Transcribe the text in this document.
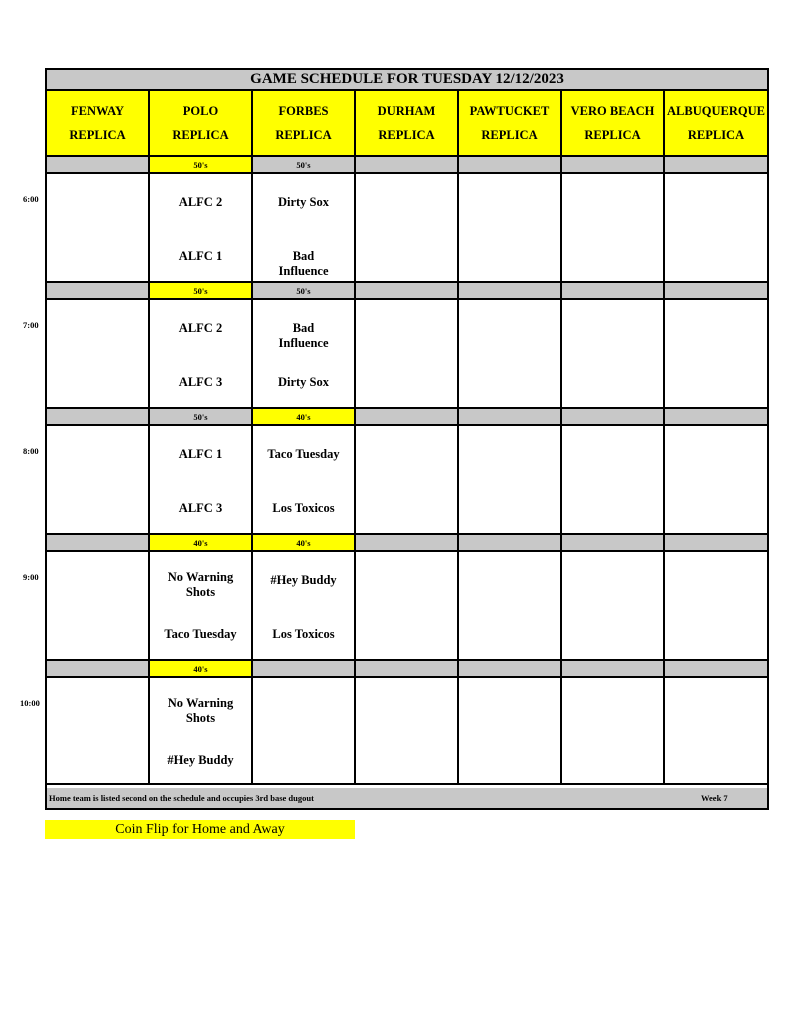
GAME SCHEDULE FOR TUESDAY 12/12/2023
Home team is listed second on the schedule and occupies 3rd base dugout	Week 7
FENWAY
REPLICA
POLO
REPLICA
FORBES
REPLICA
DURHAM
REPLICA
PAWTUCKET
REPLICA
VERO BEACH
REPLICA
ALBUQUERQUE
REPLICA
50's
ALFC 2
ALFC 1
50's
Dirty Sox
Bad Influence
50's
ALFC 2
ALFC 3
50's
Bad Influence
Dirty Sox
50's
ALFC 1
ALFC 3
40's
Taco Tuesday
Los Toxicos
40's
No Warning Shots
Taco Tuesday
40's
#Hey Buddy
Los Toxicos
40's
No Warning Shots
#Hey Buddy
6:00
7:00
8:00
9:00
10:00
Coin Flip for Home and Away
